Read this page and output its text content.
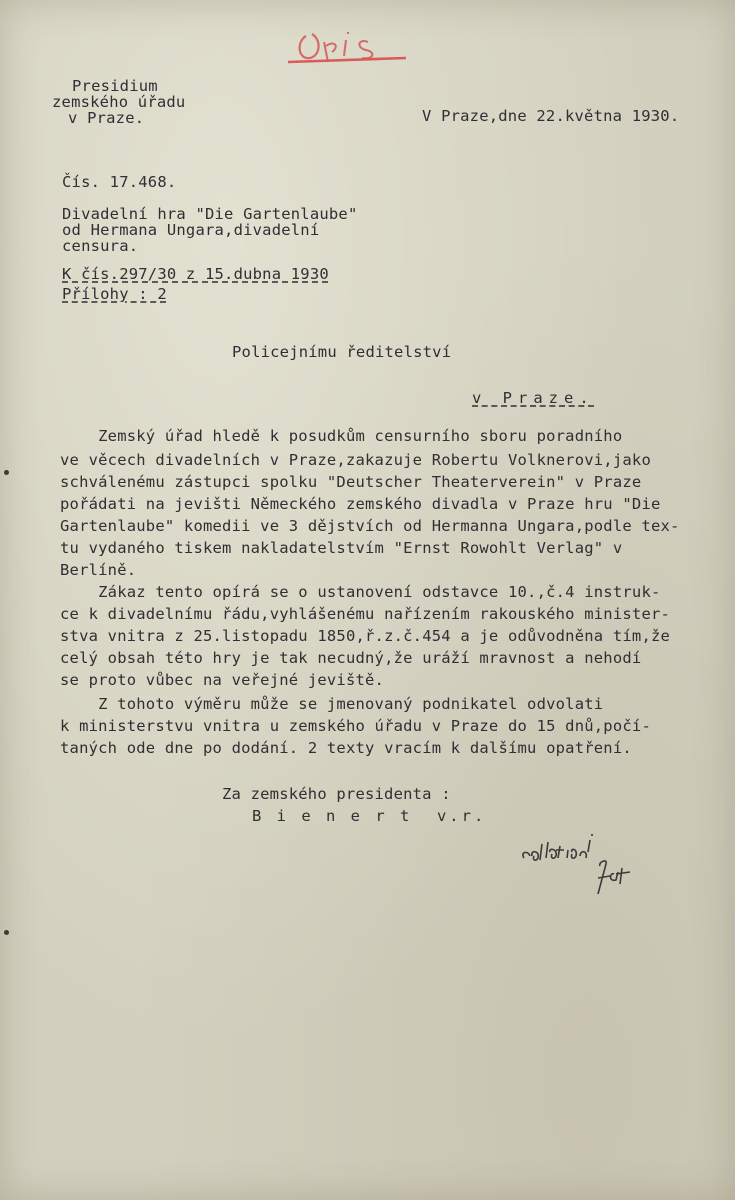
Presidium
zemského úřadu
v Praze.	V Praze,dne 22.května 1930.
Čís. 17.468.
Divadelní hra "Die Gartenlaube"
od Hermana Ungara,divadelní
censura.
K čís.297/30 z 15.dubna 1930
Přílohy : 2
Policejnímu ředitelství
v Praze.
Zemský úřad hledě k posudkům censurního sboru poradního
ve věcech divadelních v Praze,zakazuje Robertu Volknerovi,jako
schválenému zástupci spolku "Deutscher Theaterverein" v Praze
pořádati na jevišti Německého zemského divadla v Praze hru "Die
Gartenlaube" komedii ve 3 dějstvích od Hermanna Ungara,podle tex-
tu vydaného tiskem nakladatelstvím "Ernst Rowohlt Verlag" v
Berlíně.
Zákaz tento opírá se o ustanovení odstavce 10.,č.4 instruk-
ce k divadelnímu řádu,vyhlášenému nařízením rakouského minister-
stva vnitra z 25.listopadu 1850,ř.z.č.454 a je odůvodněna tím,že
celý obsah této hry je tak necudný,že uráží mravnost a nehodí
se proto vůbec na veřejné jeviště.
Z tohoto výměru může se jmenovaný podnikatel odvolati
k ministerstvu vnitra u zemského úřadu v Praze do 15 dnů,počí-
taných ode dne po dodání. 2 texty vracím k dalšímu opatření.
Za zemského presidenta :
B i e n e r t  v.r.
